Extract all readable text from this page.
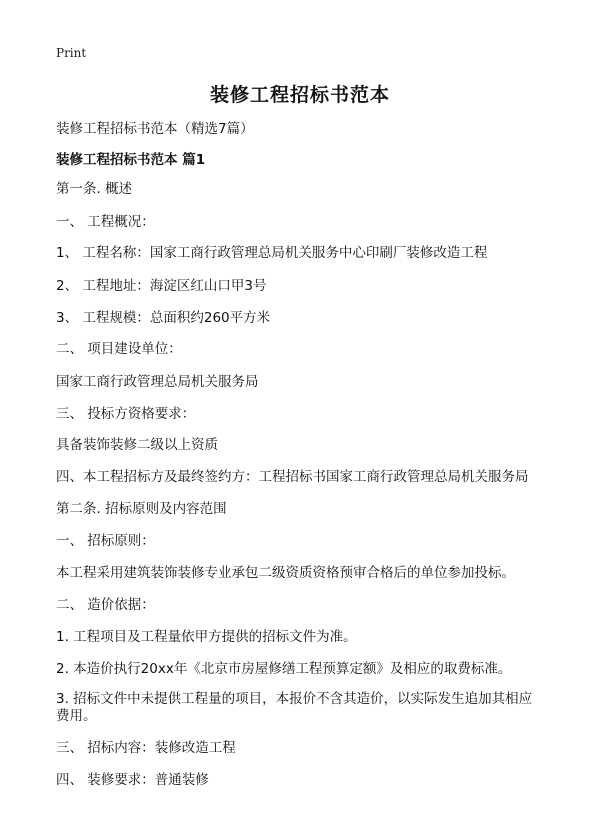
Print
装修工程招标书范本

装修工程招标书范本（精选7篇）

装修工程招标书范本 篇1

第一条. 概述

一、 工程概况：

1、 工程名称：国家工商行政管理总局机关服务中心印刷厂装修改造工程

2、 工程地址：海淀区红山口甲3号

3、 工程规模：总面积约260平方米

二、 项目建设单位：

国家工商行政管理总局机关服务局

三、 投标方资格要求：

具备装饰装修二级以上资质

四、本工程招标方及最终签约方：工程招标书国家工商行政管理总局机关服务局

第二条. 招标原则及内容范围

一、 招标原则：

本工程采用建筑装饰装修专业承包二级资质资格预审合格后的单位参加投标。

二、 造价依据：

1. 工程项目及工程量依甲方提供的招标文件为准。

2. 本造价执行20xx年《北京市房屋修缮工程预算定额》及相应的取费标准。

3. 招标文件中未提供工程量的项目，本报价不含其造价，以实际发生追加其相应费用。

三、 招标内容：装修改造工程

四、 装修要求：普通装修
